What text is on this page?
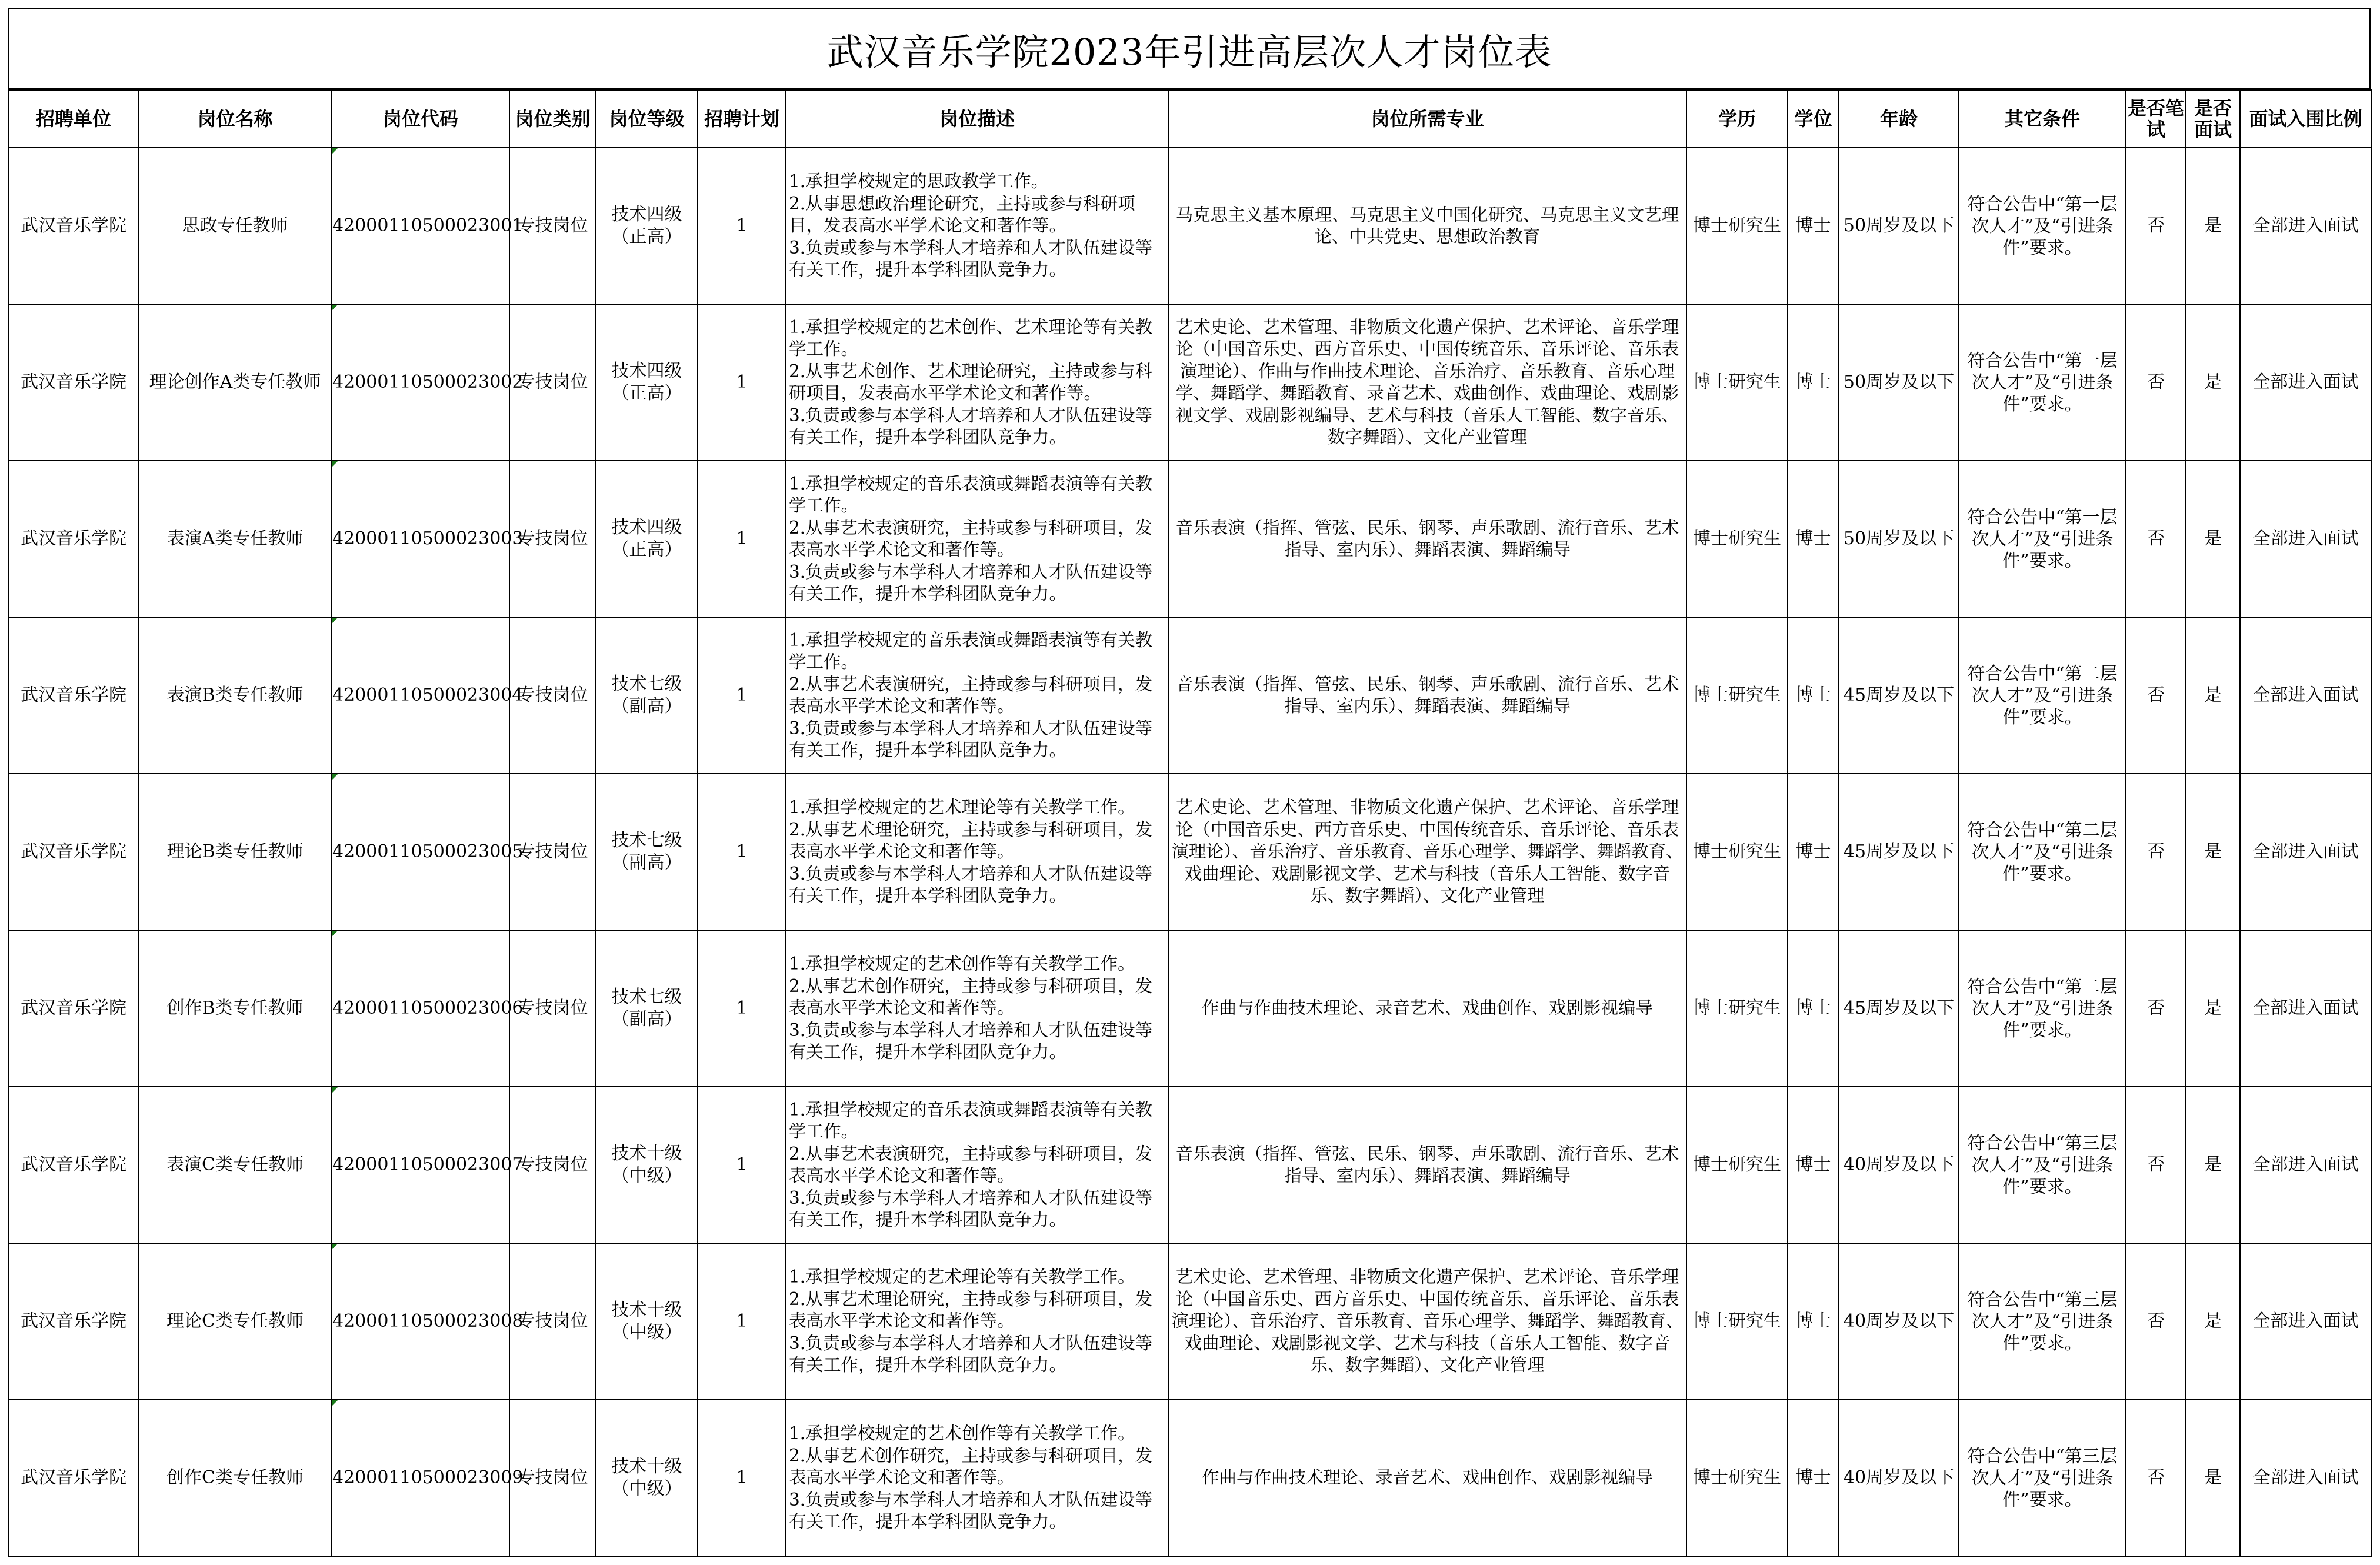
武汉音乐学院2023年引进高层次人才岗位表
招聘单位	岗位名称	岗位代码	岗位类别	岗位等级	招聘计划	岗位描述	岗位所需专业	学历	学位	年龄	其它条件	是否笔试	是否面试	面试入围比例
武汉音乐学院	思政专任教师	42000110500023001	专技岗位	技术四级（正高）	1	1.承担学校规定的思政教学工作。
2.从事思想政治理论研究，主持或参与科研项目，发表高水平学术论文和著作等。
3.负责或参与本学科人才培养和人才队伍建设等有关工作，提升本学科团队竞争力。	马克思主义基本原理、马克思主义中国化研究、马克思主义文艺理论、中共党史、思想政治教育	博士研究生	博士	50周岁及以下	符合公告中“第一层次人才”及“引进条件”要求。	否	是	全部进入面试
武汉音乐学院	理论创作A类专任教师	42000110500023002	专技岗位	技术四级（正高）	1	1.承担学校规定的艺术创作、艺术理论等有关教学工作。
2.从事艺术创作、艺术理论研究，主持或参与科研项目，发表高水平学术论文和著作等。
3.负责或参与本学科人才培养和人才队伍建设等有关工作，提升本学科团队竞争力。	艺术史论、艺术管理、非物质文化遗产保护、艺术评论、音乐学理论（中国音乐史、西方音乐史、中国传统音乐、音乐评论、音乐表演理论）、作曲与作曲技术理论、音乐治疗、音乐教育、音乐心理学、舞蹈学、舞蹈教育、录音艺术、戏曲创作、戏曲理论、戏剧影视文学、戏剧影视编导、艺术与科技（音乐人工智能、数字音乐、数字舞蹈）、文化产业管理	博士研究生	博士	50周岁及以下	符合公告中“第一层次人才”及“引进条件”要求。	否	是	全部进入面试
武汉音乐学院	表演A类专任教师	42000110500023003	专技岗位	技术四级（正高）	1	1.承担学校规定的音乐表演或舞蹈表演等有关教学工作。
2.从事艺术表演研究，主持或参与科研项目，发表高水平学术论文和著作等。
3.负责或参与本学科人才培养和人才队伍建设等有关工作，提升本学科团队竞争力。	音乐表演（指挥、管弦、民乐、钢琴、声乐歌剧、流行音乐、艺术指导、室内乐）、舞蹈表演、舞蹈编导	博士研究生	博士	50周岁及以下	符合公告中“第一层次人才”及“引进条件”要求。	否	是	全部进入面试
武汉音乐学院	表演B类专任教师	42000110500023004	专技岗位	技术七级（副高）	1	1.承担学校规定的音乐表演或舞蹈表演等有关教学工作。
2.从事艺术表演研究，主持或参与科研项目，发表高水平学术论文和著作等。
3.负责或参与本学科人才培养和人才队伍建设等有关工作，提升本学科团队竞争力。	音乐表演（指挥、管弦、民乐、钢琴、声乐歌剧、流行音乐、艺术指导、室内乐）、舞蹈表演、舞蹈编导	博士研究生	博士	45周岁及以下	符合公告中“第二层次人才”及“引进条件”要求。	否	是	全部进入面试
武汉音乐学院	理论B类专任教师	42000110500023005	专技岗位	技术七级（副高）	1	1.承担学校规定的艺术理论等有关教学工作。
2.从事艺术理论研究，主持或参与科研项目，发表高水平学术论文和著作等。
3.负责或参与本学科人才培养和人才队伍建设等有关工作，提升本学科团队竞争力。	艺术史论、艺术管理、非物质文化遗产保护、艺术评论、音乐学理论（中国音乐史、西方音乐史、中国传统音乐、音乐评论、音乐表演理论）、音乐治疗、音乐教育、音乐心理学、舞蹈学、舞蹈教育、戏曲理论、戏剧影视文学、艺术与科技（音乐人工智能、数字音乐、数字舞蹈）、文化产业管理	博士研究生	博士	45周岁及以下	符合公告中“第二层次人才”及“引进条件”要求。	否	是	全部进入面试
武汉音乐学院	创作B类专任教师	42000110500023006	专技岗位	技术七级（副高）	1	1.承担学校规定的艺术创作等有关教学工作。
2.从事艺术创作研究，主持或参与科研项目，发表高水平学术论文和著作等。
3.负责或参与本学科人才培养和人才队伍建设等有关工作，提升本学科团队竞争力。	作曲与作曲技术理论、录音艺术、戏曲创作、戏剧影视编导	博士研究生	博士	45周岁及以下	符合公告中“第二层次人才”及“引进条件”要求。	否	是	全部进入面试
武汉音乐学院	表演C类专任教师	42000110500023007	专技岗位	技术十级（中级）	1	1.承担学校规定的音乐表演或舞蹈表演等有关教学工作。
2.从事艺术表演研究，主持或参与科研项目，发表高水平学术论文和著作等。
3.负责或参与本学科人才培养和人才队伍建设等有关工作，提升本学科团队竞争力。	音乐表演（指挥、管弦、民乐、钢琴、声乐歌剧、流行音乐、艺术指导、室内乐）、舞蹈表演、舞蹈编导	博士研究生	博士	40周岁及以下	符合公告中“第三层次人才”及“引进条件”要求。	否	是	全部进入面试
武汉音乐学院	理论C类专任教师	42000110500023008	专技岗位	技术十级（中级）	1	1.承担学校规定的艺术理论等有关教学工作。
2.从事艺术理论研究，主持或参与科研项目，发表高水平学术论文和著作等。
3.负责或参与本学科人才培养和人才队伍建设等有关工作，提升本学科团队竞争力。	艺术史论、艺术管理、非物质文化遗产保护、艺术评论、音乐学理论（中国音乐史、西方音乐史、中国传统音乐、音乐评论、音乐表演理论）、音乐治疗、音乐教育、音乐心理学、舞蹈学、舞蹈教育、戏曲理论、戏剧影视文学、艺术与科技（音乐人工智能、数字音乐、数字舞蹈）、文化产业管理	博士研究生	博士	40周岁及以下	符合公告中“第三层次人才”及“引进条件”要求。	否	是	全部进入面试
武汉音乐学院	创作C类专任教师	42000110500023009	专技岗位	技术十级（中级）	1	1.承担学校规定的艺术创作等有关教学工作。
2.从事艺术创作研究，主持或参与科研项目，发表高水平学术论文和著作等。
3.负责或参与本学科人才培养和人才队伍建设等有关工作，提升本学科团队竞争力。	作曲与作曲技术理论、录音艺术、戏曲创作、戏剧影视编导	博士研究生	博士	40周岁及以下	符合公告中“第三层次人才”及“引进条件”要求。	否	是	全部进入面试
